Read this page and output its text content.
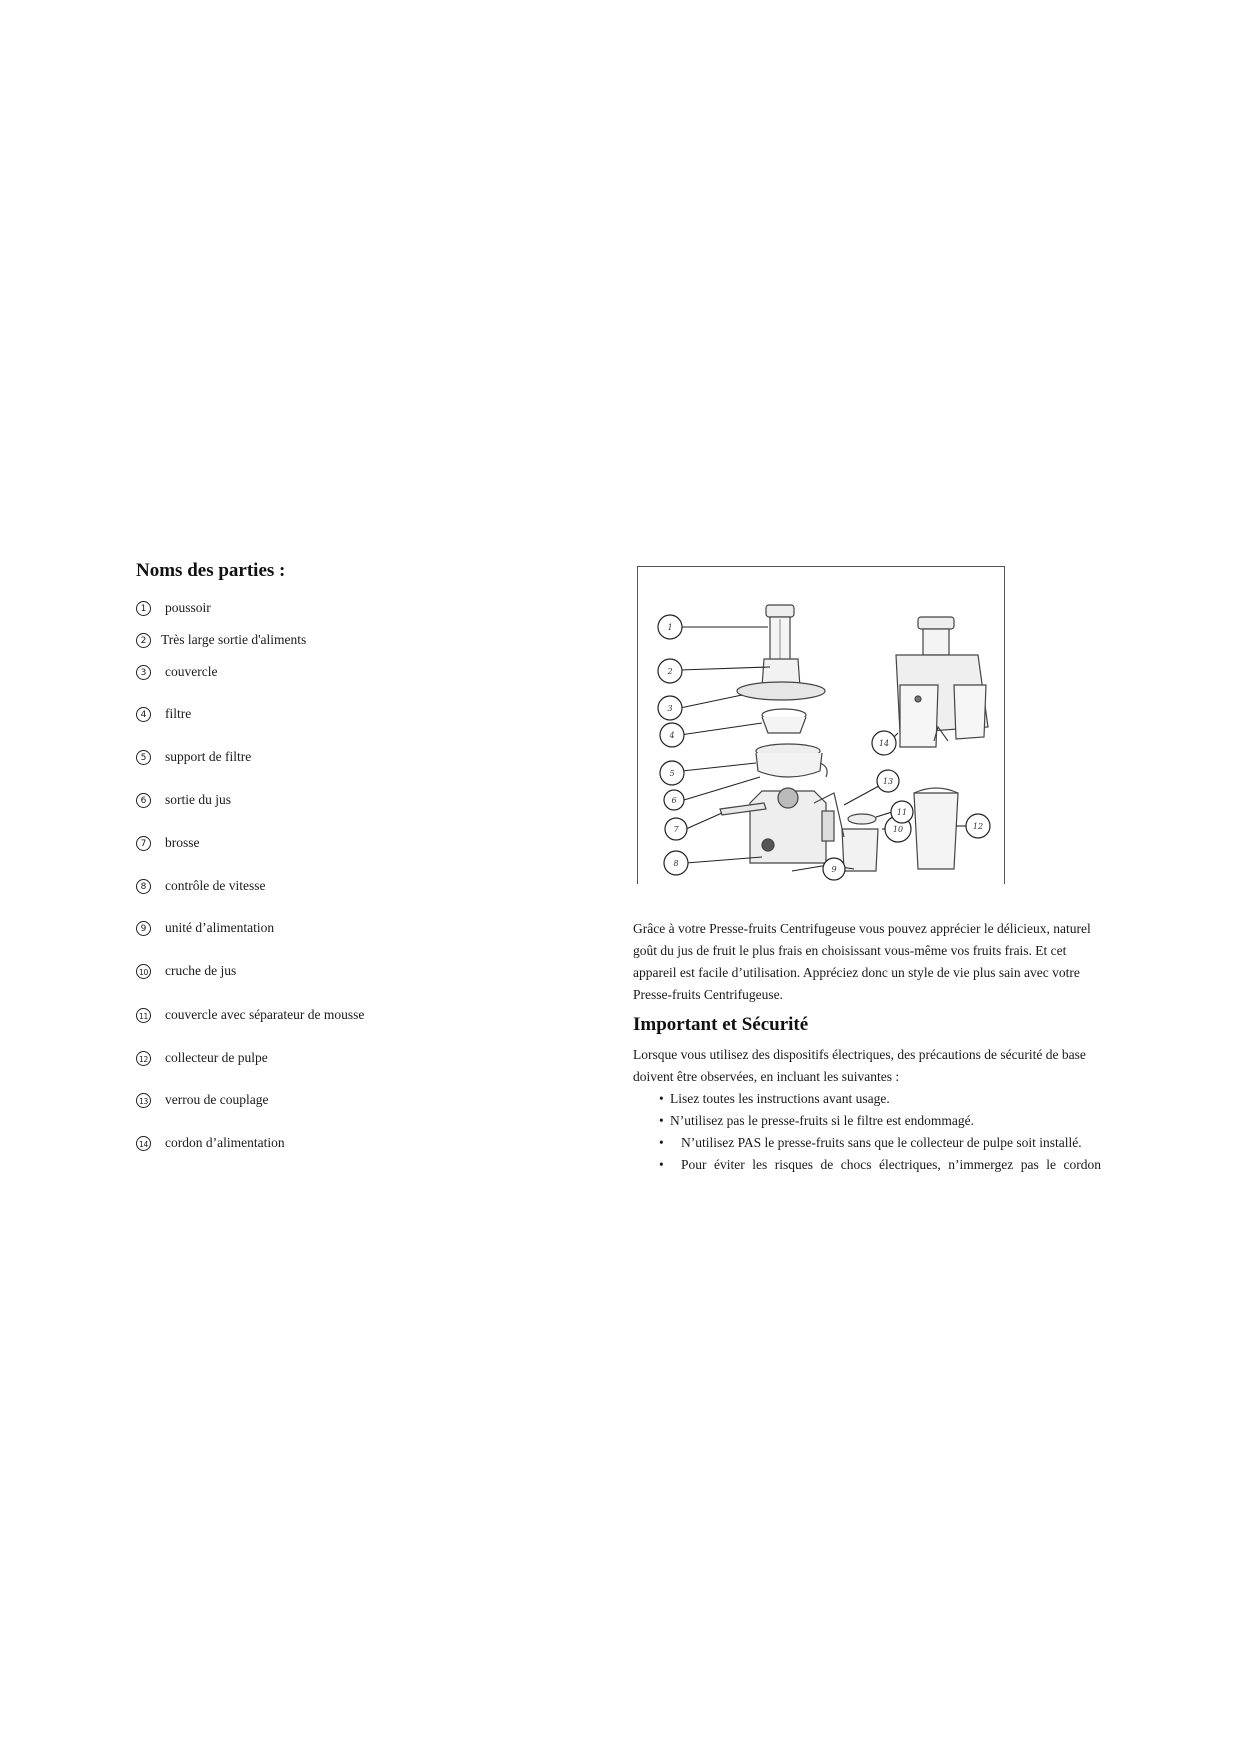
Noms des parties :
1	poussoir
2	Très large sortie d'aliments
3	couvercle
4	filtre
5	support de filtre
6	sortie du jus
7	brosse
8	contrôle de vitesse
9	unité d’alimentation
10 cruche de jus
11 couvercle avec séparateur de mousse
12 collecteur de pulpe
13 verrou de couplage
14 cordon d’alimentation
1
2
3
4
5
6
7
8
9
10
11
12
13
14

Grâce à votre Presse-fruits Centrifugeuse vous pouvez apprécier le délicieux, naturel goût du jus de fruit le plus frais en choisissant vous-même vos fruits frais. Et cet appareil est facile d’utilisation. Appréciez donc un style de vie plus sain avec votre Presse-fruits Centrifugeuse.

Important et Sécurité

Lorsque vous utilisez des dispositifs électriques, des précautions de sécurité de base doivent être observées, en incluant les suivantes :

• Lisez toutes les instructions avant usage.
• N’utilisez pas le presse-fruits si le filtre est endommagé.
• N’utilisez PAS le presse-fruits sans que le collecteur de pulpe soit installé.
• Pour éviter les risques de chocs électriques, n’immergez pas le cordon
